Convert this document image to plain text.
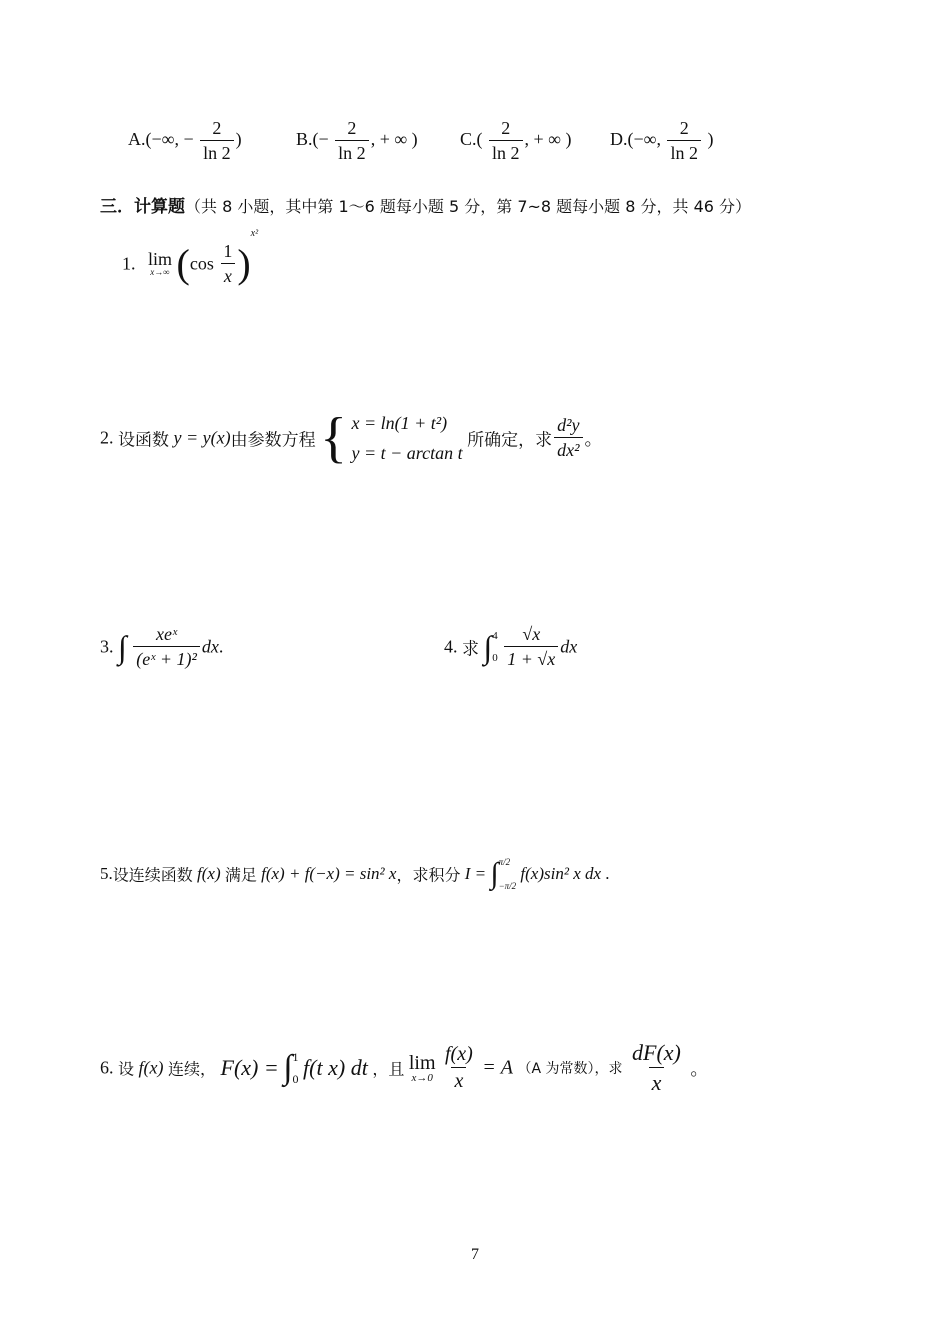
A.(−∞, − $\frac{2}{\ln 2}$ )	$B.(- \frac{2}{\ln 2}$ , + ∞ ) $C.( \frac{2}{\ln 2}$ , + ∞ ) D.(−∞, $\frac{2}{\ln 2}$ )
三．计算题（共 8 小题，其中第 1～6 题每小题 5 分，第 7~8 题每小题 8 分，共 46 分）
1. lim
x→∞ $(\cos \frac{1}{x} )^{x^2}$
2. 设函数 y = y(x)由参数方程 { x = ln(1 + t²)
y = t − arctan t
所确定，求 $\frac{\text{d²y}}{\text{dx²}}$ 。
3. ∫ $\frac{\text{xeˣ}}{\text{(eˣ + 1)²}}$ dx.	4. 求 ∫ 4
0
$\frac{√x}{1 + √x}$ dx
5.设连续函数 f(x) 满足 f(x) + f(−x) = sin² x，求积分 I = ∫ π/2
−π/2
f(x)sin² x dx .
6. 设 f(x) 连续， F(x) = ∫ 1
0 f(t x) dt ，且 lim
x→0
$\frac{f(x)}{x} = A$ （A 为常数），求 $\frac{dF(x)}{x}$ 。
7
